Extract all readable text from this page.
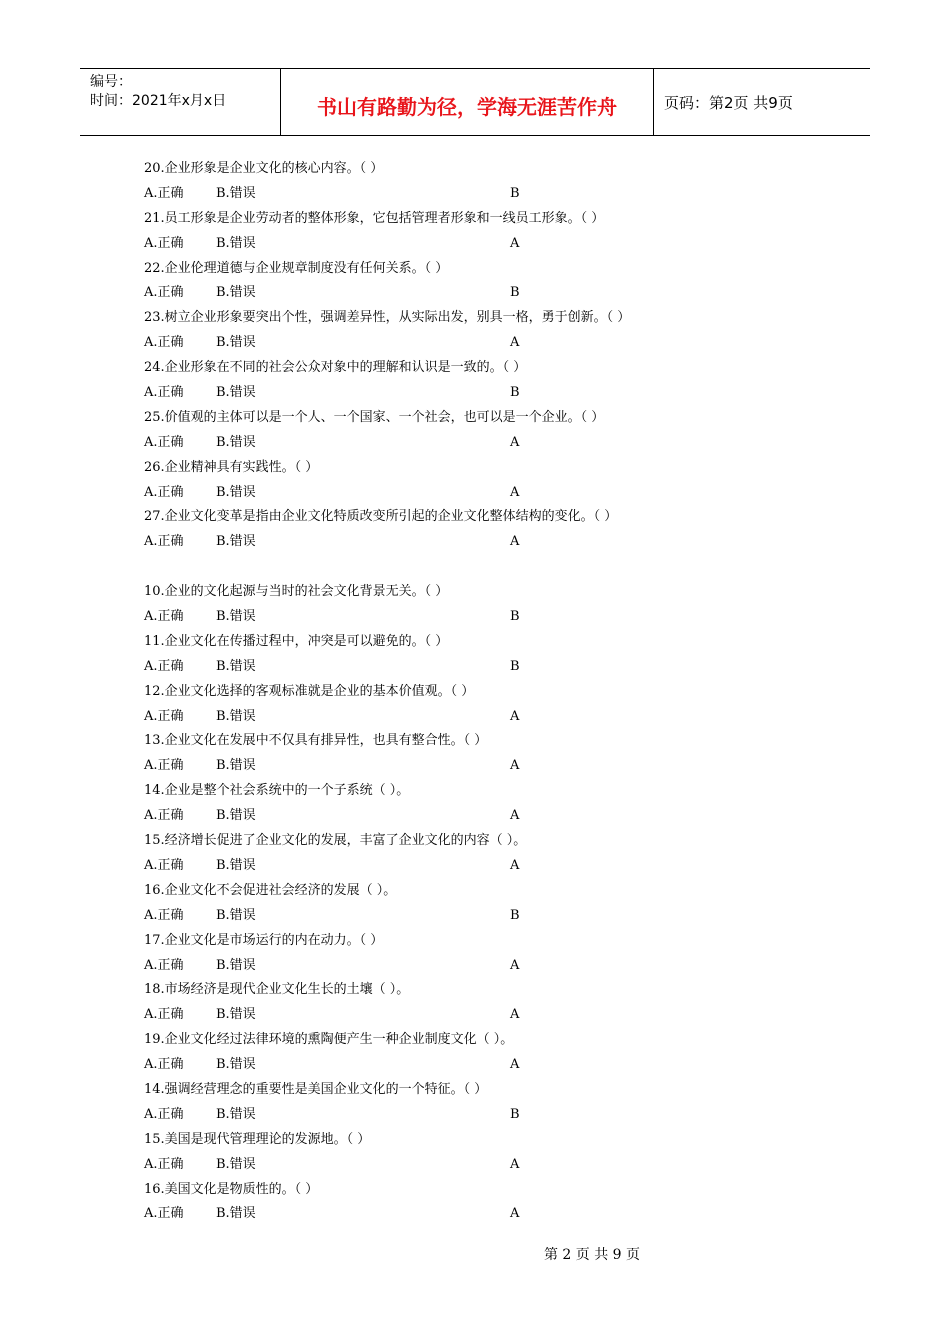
编号：
时间：2021年x月x日	书山有路勤为径，学海无涯苦作舟	页码：第2页 共9页
20.企业形象是企业文化的核心内容。（ ）
A.正确 B.错误	B
21.员工形象是企业劳动者的整体形象，它包括管理者形象和一线员工形象。（ ）
A.正确 B.错误	A
22.企业伦理道德与企业规章制度没有任何关系。（ ）
A.正确 B.错误	B
23.树立企业形象要突出个性，强调差异性，从实际出发，别具一格，勇于创新。（ ）
A.正确 B.错误	A
24.企业形象在不同的社会公众对象中的理解和认识是一致的。（ ）
A.正确 B.错误	B
25.价值观的主体可以是一个人、一个国家、一个社会，也可以是一个企业。（ ）
A.正确 B.错误	A
26.企业精神具有实践性。（ ）
A.正确 B.错误	A
27.企业文化变革是指由企业文化特质改变所引起的企业文化整体结构的变化。（ ）
A.正确 B.错误	A
10.企业的文化起源与当时的社会文化背景无关。（ ）
A.正确 B.错误	B
11.企业文化在传播过程中，冲突是可以避免的。（ ）
A.正确 B.错误	B
12.企业文化选择的客观标准就是企业的基本价值观。（ ）
A.正确 B.错误	A
13.企业文化在发展中不仅具有排异性，也具有整合性。（ ）
A.正确 B.错误	A
14.企业是整个社会系统中的一个子系统（ ）。
A.正确 B.错误	A
15.经济增长促进了企业文化的发展，丰富了企业文化的内容（ ）。
A.正确 B.错误	A
16.企业文化不会促进社会经济的发展（ ）。
A.正确 B.错误	B
17.企业文化是市场运行的内在动力。（ ）
A.正确 B.错误	A
18.市场经济是现代企业文化生长的土壤（ ）。
A.正确 B.错误	A
19.企业文化经过法律环境的熏陶便产生一种企业制度文化（ ）。
A.正确 B.错误	A
14.强调经营理念的重要性是美国企业文化的一个特征。（ ）
A.正确 B.错误	B
15.美国是现代管理理论的发源地。（ ）
A.正确 B.错误	A
16.美国文化是物质性的。（ ）
A.正确 B.错误	A
第 2 页 共 9 页
